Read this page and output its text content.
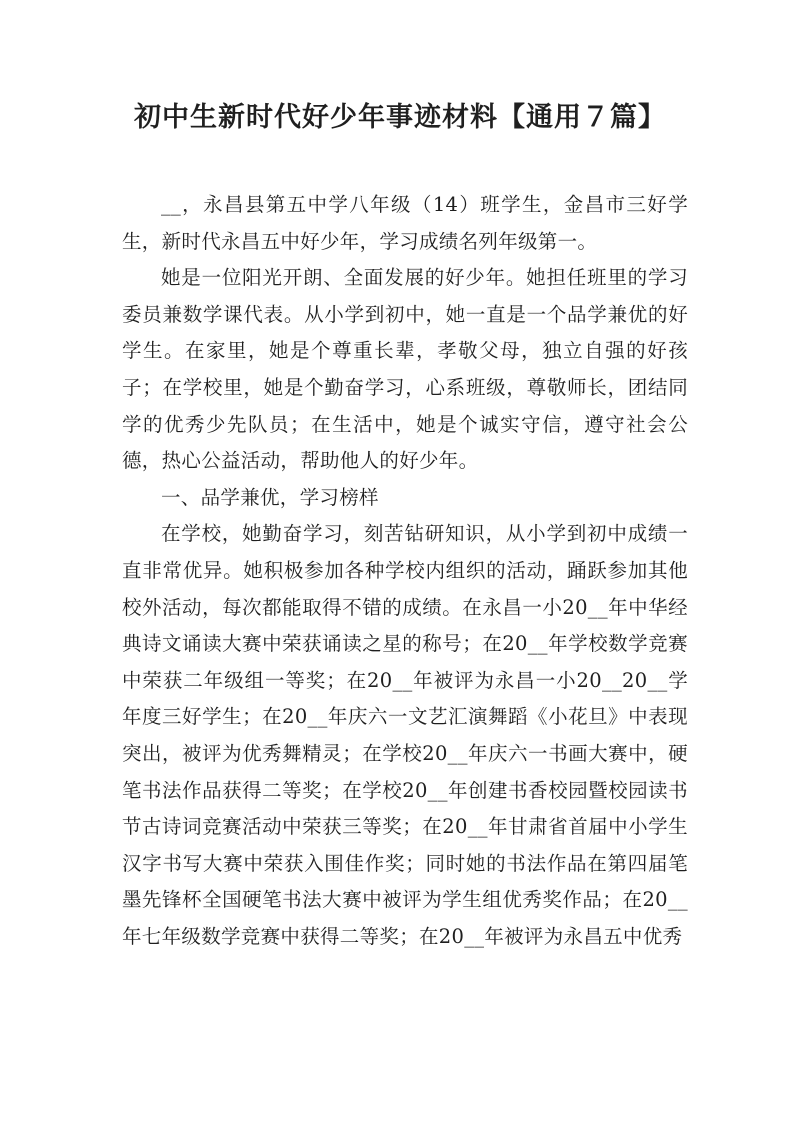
初中生新时代好少年事迹材料【通用７篇】

__，永昌县第五中学八年级（14）班学生，金昌市三好学生，新时代永昌五中好少年，学习成绩名列年级第一。

她是一位阳光开朗、全面发展的好少年。她担任班里的学习委员兼数学课代表。从小学到初中，她一直是一个品学兼优的好学生。在家里，她是个尊重长辈，孝敬父母，独立自强的好孩子；在学校里，她是个勤奋学习，心系班级，尊敬师长，团结同学的优秀少先队员；在生活中，她是个诚实守信，遵守社会公德，热心公益活动，帮助他人的好少年。

一、品学兼优，学习榜样

在学校，她勤奋学习，刻苦钻研知识，从小学到初中成绩一直非常优异。她积极参加各种学校内组织的活动，踊跃参加其他校外活动，每次都能取得不错的成绩。在永昌一小20__年中华经典诗文诵读大赛中荣获诵读之星的称号；在20__年学校数学竞赛中荣获二年级组一等奖；在20__年被评为永昌一小20__20__学年度三好学生；在20__年庆六一文艺汇演舞蹈《小花旦》中表现突出，被评为优秀舞精灵；在学校20__年庆六一书画大赛中，硬笔书法作品获得二等奖；在学校20__年创建书香校园暨校园读书节古诗词竞赛活动中荣获三等奖；在20__年甘肃省首届中小学生汉字书写大赛中荣获入围佳作奖；同时她的书法作品在第四届笔墨先锋杯全国硬笔书法大赛中被评为学生组优秀奖作品；在20__年七年级数学竞赛中获得二等奖；在20__年被评为永昌五中优秀
